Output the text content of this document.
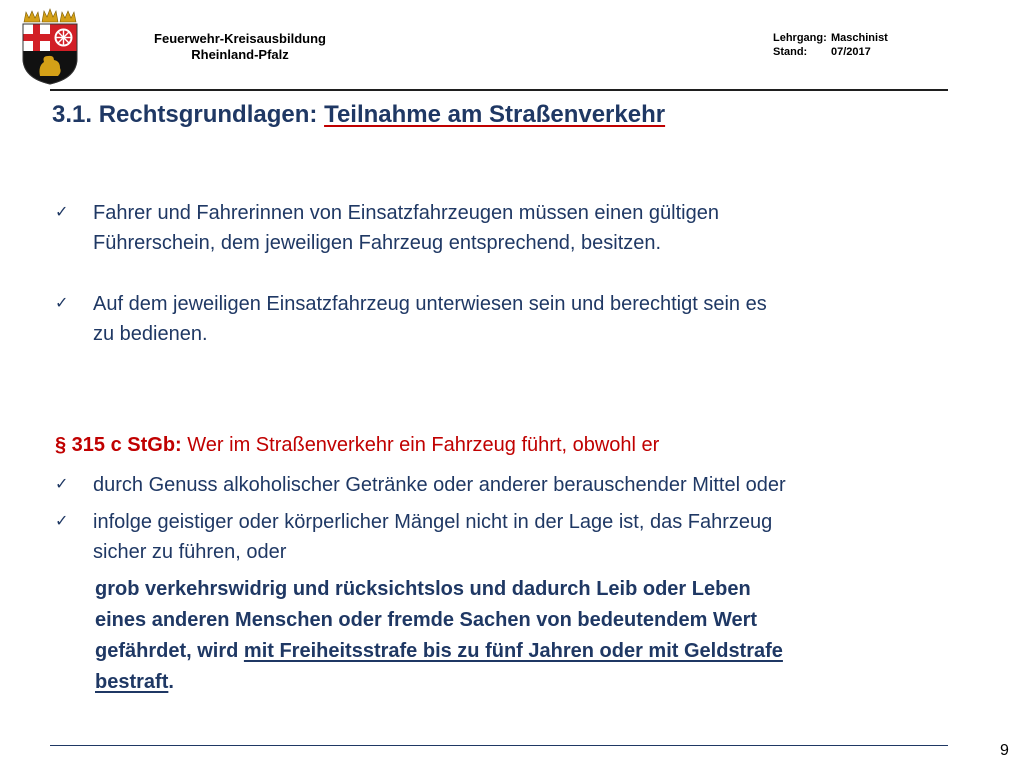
Feuerwehr-Kreisausbildung
Rheinland-Pfalz
Lehrgang: Maschinist
Stand:	07/2017
3.1. Rechtsgrundlagen: Teilnahme am Straßenverkehr
✓	Fahrer und Fahrerinnen von Einsatzfahrzeugen müssen einen gültigen
Führerschein, dem jeweiligen Fahrzeug entsprechend, besitzen.
✓	Auf dem jeweiligen Einsatzfahrzeug unterwiesen sein und berechtigt sein es
zu bedienen.
§ 315 c StGb: Wer im Straßenverkehr ein Fahrzeug führt, obwohl er
✓	durch Genuss alkoholischer Getränke oder anderer berauschender Mittel oder
✓	infolge geistiger oder körperlicher Mängel nicht in der Lage ist, das Fahrzeug
sicher zu führen, oder
grob verkehrswidrig und rücksichtslos und dadurch Leib oder Leben
eines anderen Menschen oder fremde Sachen von bedeutendem Wert
gefährdet, wird mit Freiheitsstrafe bis zu fünf Jahren oder mit Geldstrafe
bestraft.
9
